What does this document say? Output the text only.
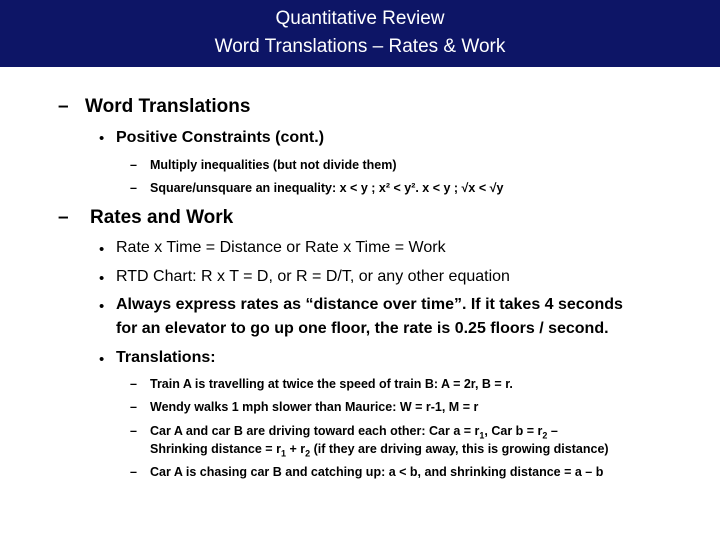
Quantitative Review
Word Translations – Rates & Work
– Word Translations
• Positive Constraints (cont.)
– Multiply inequalities (but not divide them)
– Square/unsquare an inequality: x < y ; x² < y². x < y ; √x < √y
– Rates and Work
• Rate x Time = Distance or Rate x Time = Work
• RTD Chart: R x T = D, or R = D/T, or any other equation
• Always express rates as “distance over time”. If it takes 4 seconds
for an elevator to go up one floor, the rate is 0.25 floors / second.
• Translations:
– Train A is travelling at twice the speed of train B: A = 2r, B = r.
– Wendy walks 1 mph slower than Maurice: W = r-1, M = r
– Car A and car B are driving toward each other: Car $a = r_1$, Car $b = r_2$ –
Shrinking distance = $r_1 + r_2$ (if they are driving away, this is growing distance)
– Car A is chasing car B and catching up: a < b, and shrinking distance = a – b
